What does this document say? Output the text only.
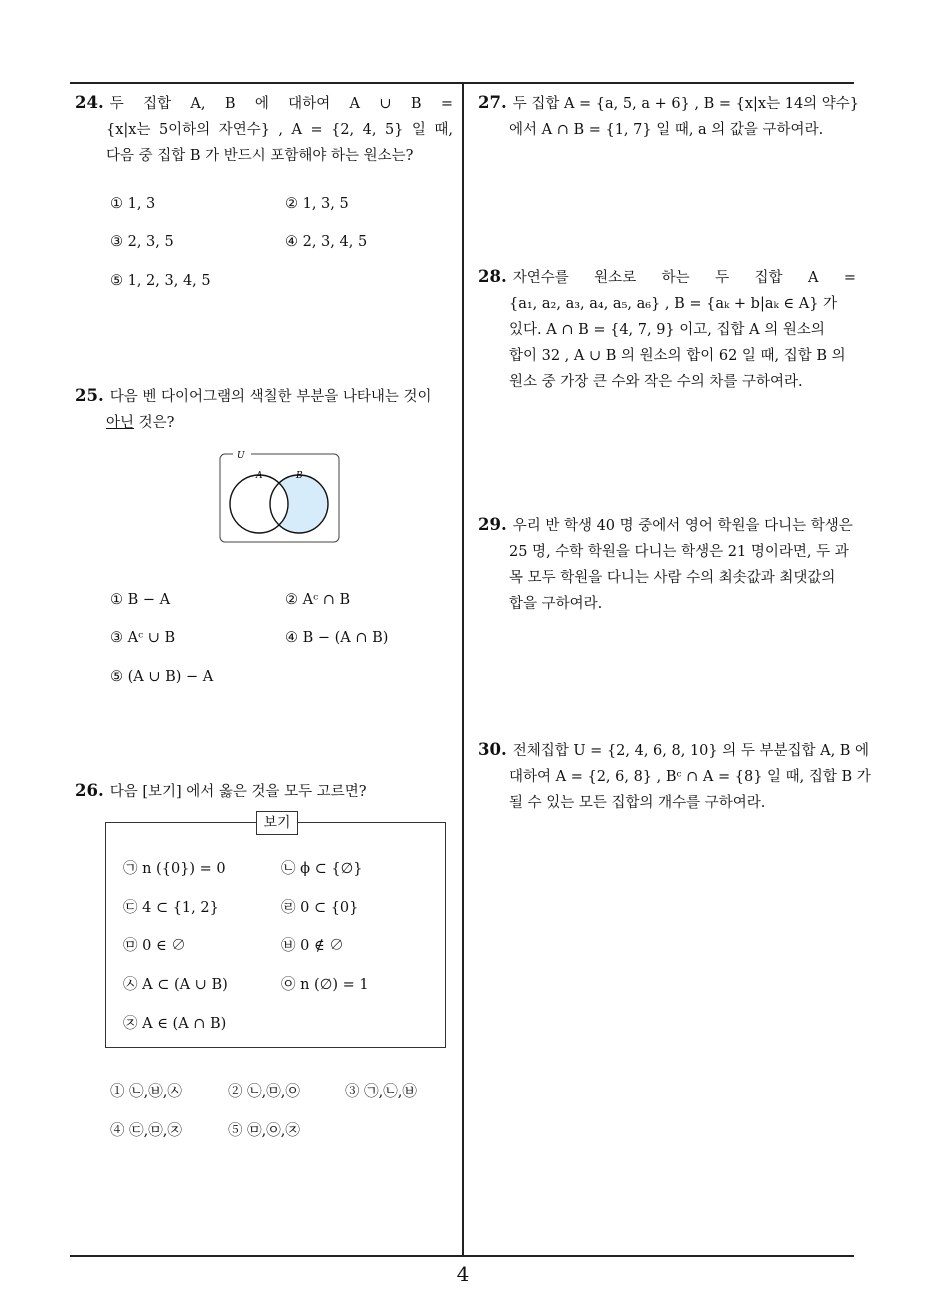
24. 두 집합 A, B 에 대하여 A ∪ B =
{x|x는 5이하의 자연수} , A = {2, 4, 5} 일 때,
다음 중 집합 B 가 반드시 포함해야 하는 원소는?
① 1, 3	② 1, 3, 5
③ 2, 3, 5	④ 2, 3, 4, 5
⑤ 1, 2, 3, 4, 5
25. 다음 벤 다이어그램의 색칠한 부분을 나타내는 것이
아닌 것은?
U
A	B
① B − A	② Aᶜ ∩ B
③ Aᶜ ∪ B	④ B − (A ∩ B)
⑤ (A ∪ B) − A
26. 다음 [보기] 에서 옳은 것을 모두 고르면?
보기
㉠ n ({0}) = 0	㉡ ϕ ⊂ {∅}
㉢ 4 ⊂ {1, 2}	㉣ 0 ⊂ {0}
㉤ 0 ∈ ∅	㉥ 0 ∉ ∅
㉦ A ⊂ (A ∪ B)	㉧ n (∅) = 1
㉨ A ∈ (A ∩ B)
① ㉡,㉥,㉦	② ㉡,㉤,㉧	③ ㉠,㉡,㉥
④ ㉢,㉤,㉨	⑤ ㉤,㉧,㉨
27. 두 집합 A = {a, 5, a + 6} , B = {x|x는 14의 약수}
에서 A ∩ B = {1, 7} 일 때, a 의 값을 구하여라.
28. 자연수를 원소로 하는 두 집합 A =
{a₁, a₂, a₃, a₄, a₅, a₆} , B = {aₖ + b|aₖ ∈ A} 가
있다. A ∩ B = {4, 7, 9} 이고, 집합 A 의 원소의
합이 32 , A ∪ B 의 원소의 합이 62 일 때, 집합 B 의
원소 중 가장 큰 수와 작은 수의 차를 구하여라.
29. 우리 반 학생 40 명 중에서 영어 학원을 다니는 학생은
25 명, 수학 학원을 다니는 학생은 21 명이라면, 두 과
목 모두 학원을 다니는 사람 수의 최솟값과 최댓값의
합을 구하여라.
30. 전체집합 U = {2, 4, 6, 8, 10} 의 두 부분집합 A, B 에
대하여 A = {2, 6, 8} , Bᶜ ∩ A = {8} 일 때, 집합 B 가
될 수 있는 모든 집합의 개수를 구하여라.
4
